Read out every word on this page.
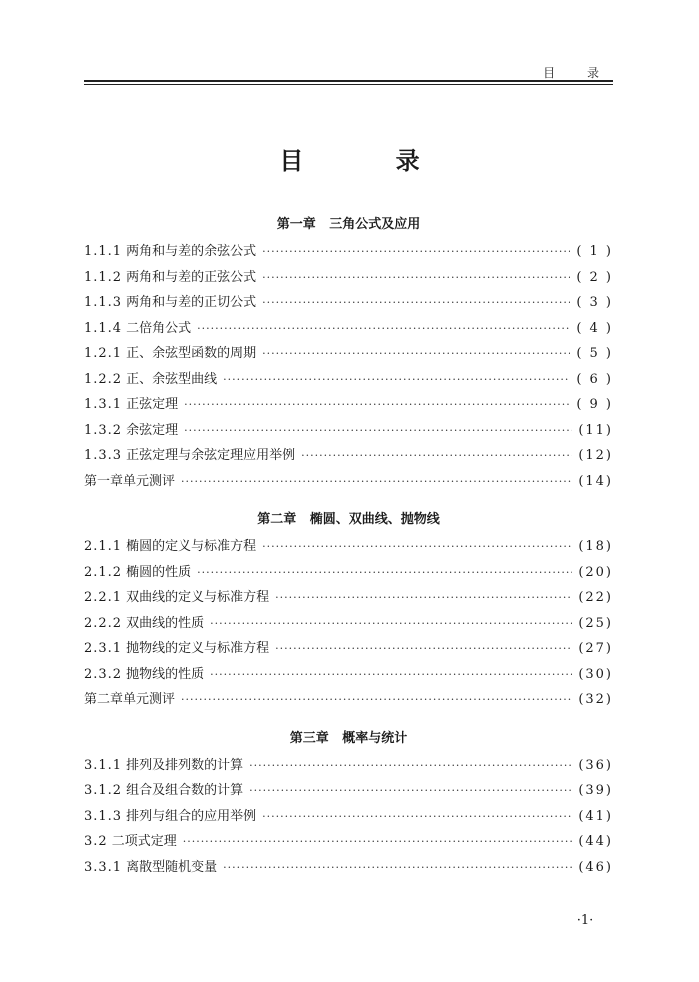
目 录
目 录
第一章   三角公式及应用
1.1.1 两角和与差的余弦公式 ·····	( 1 )
1.1.2 两角和与差的正弦公式 ·····	( 2 )
1.1.3 两角和与差的正切公式 ·····	( 3 )
1.1.4 二倍角公式 ·····	( 4 )
1.2.1 正、余弦型函数的周期 ·····	( 5 )
1.2.2 正、余弦型曲线 ·····	( 6 )
1.3.1 正弦定理 ·····	( 9 )
1.3.2 余弦定理 ·····	(11)
1.3.3 正弦定理与余弦定理应用举例 ·····	(12)
第一章单元测评 ·····	(14)
第二章   椭圆、双曲线、抛物线
2.1.1 椭圆的定义与标准方程 ·····	(18)
2.1.2 椭圆的性质 ·····	(20)
2.2.1 双曲线的定义与标准方程 ·····	(22)
2.2.2 双曲线的性质 ·····	(25)
2.3.1 抛物线的定义与标准方程 ·····	(27)
2.3.2 抛物线的性质 ·····	(30)
第二章单元测评 ·····	(32)
第三章   概率与统计
3.1.1 排列及排列数的计算 ·····	(36)
3.1.2 组合及组合数的计算 ·····	(39)
3.1.3 排列与组合的应用举例 ·····	(41)
3.2 二项式定理 ·····	(44)
3.3.1 离散型随机变量 ·····	(46)
·1·
